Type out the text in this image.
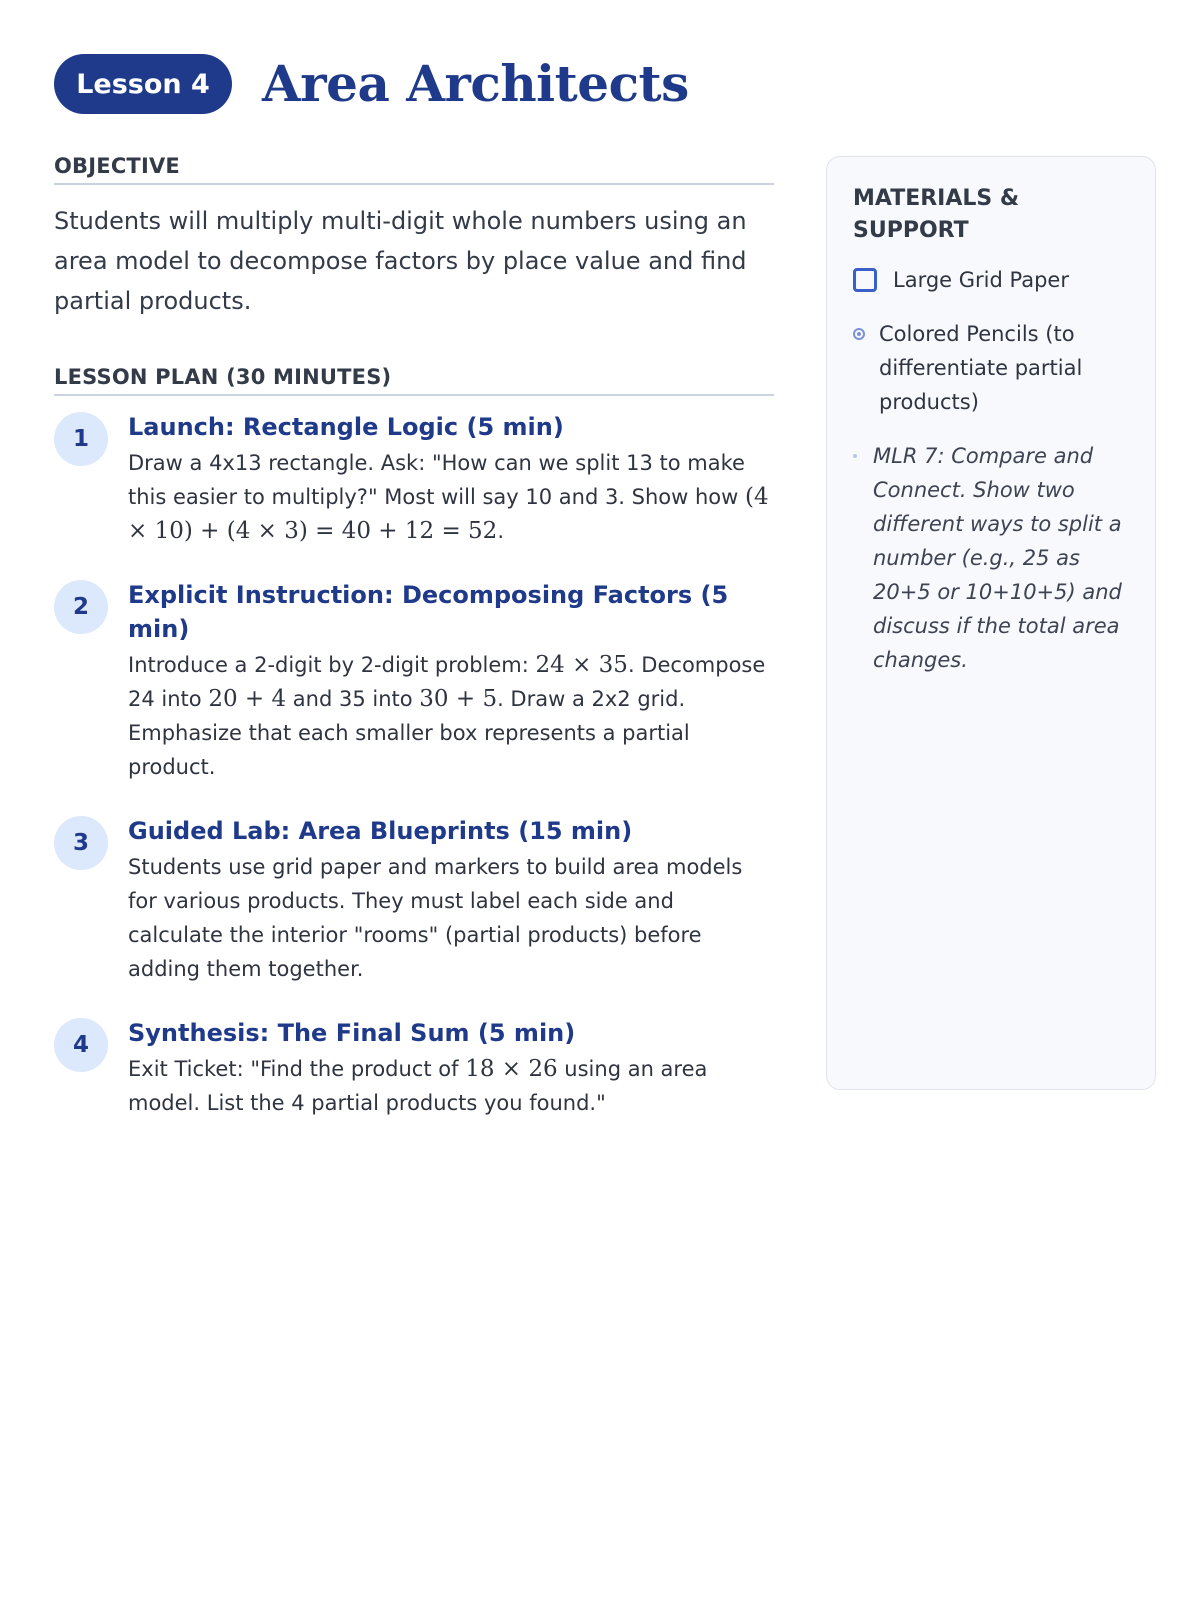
Lesson 4	Area Architects
OBJECTIVE

Students will multiply multi-digit whole numbers using an area model to decompose factors by place value and find partial products.

LESSON PLAN (30 MINUTES)
1	Launch: Rectangle Logic (5 min)
Draw a 4x13 rectangle. Ask: "How can we split 13 to make this easier to multiply?" Most will say 10 and 3. Show how (4 × 10) + (4 × 3) = 40 + 12 = 52.
2	Explicit Instruction: Decomposing Factors (5 min)
Introduce a 2-digit by 2-digit problem: 24 × 35. Decompose 24 into 20 + 4 and 35 into 30 + 5. Draw a 2x2 grid. Emphasize that each smaller box represents a partial product.
3	Guided Lab: Area Blueprints (15 min)
Students use grid paper and markers to build area models for various products. They must label each side and calculate the interior "rooms" (partial products) before adding them together.
4	Synthesis: The Final Sum (5 min)
Exit Ticket: "Find the product of 18 × 26 using an area model. List the 4 partial products you found."
MATERIALS & SUPPORT
Large Grid Paper
Colored Pencils (to differentiate partial products)
MLR 7: Compare and Connect. Show two different ways to split a number (e.g., 25 as 20+5 or 10+10+5) and discuss if the total area changes.
